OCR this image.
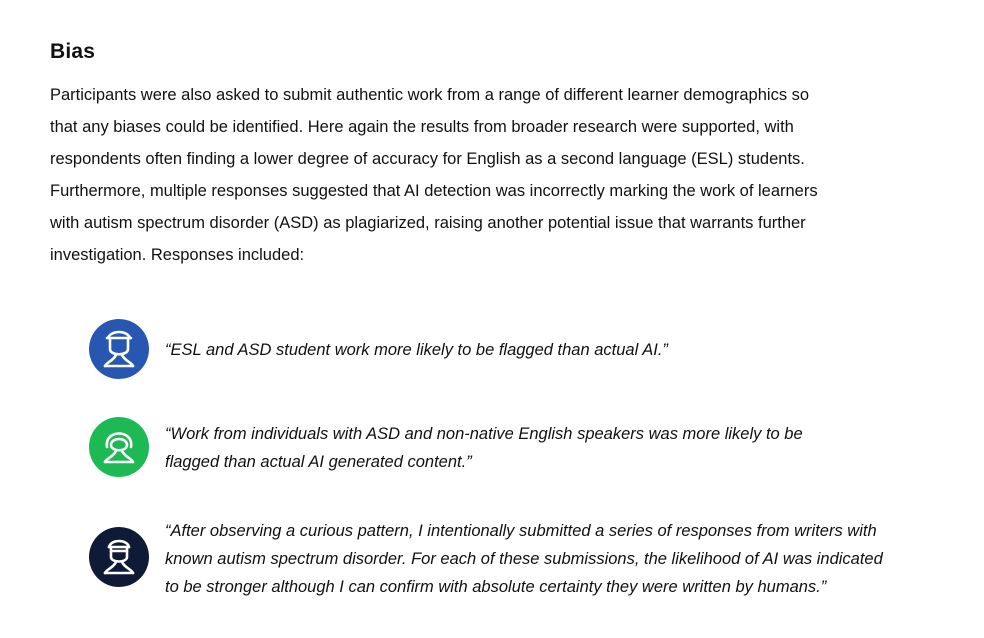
Bias

Participants were also asked to submit authentic work from a range of different learner demographics so
that any biases could be identified. Here again the results from broader research were supported, with
respondents often finding a lower degree of accuracy for English as a second language (ESL) students.
Furthermore, multiple responses suggested that AI detection was incorrectly marking the work of learners
with autism spectrum disorder (ASD) as plagiarized, raising another potential issue that warrants further
investigation. Responses included:

“ESL and ASD student work more likely to be flagged than actual AI.”

“Work from individuals with ASD and non-native English speakers was more likely to be
flagged than actual AI generated content.”

“After observing a curious pattern, I intentionally submitted a series of responses from writers with
known autism spectrum disorder. For each of these submissions, the likelihood of AI was indicated
to be stronger although I can confirm with absolute certainty they were written by humans.”
